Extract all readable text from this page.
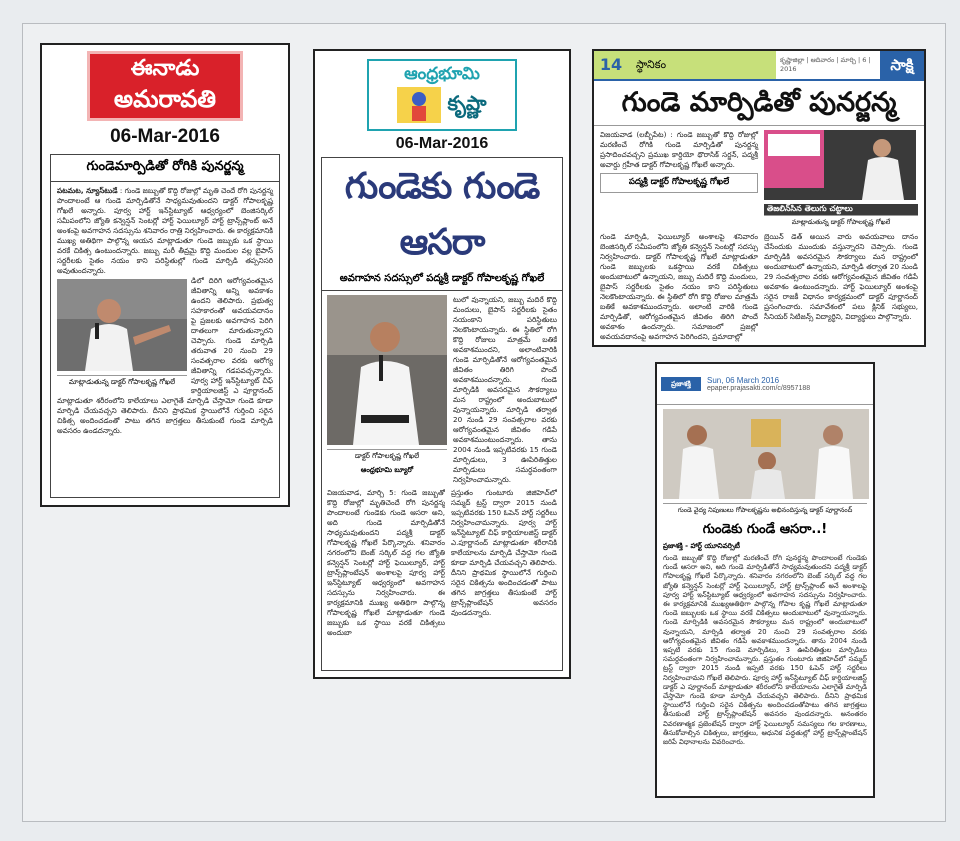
ఈనాడు
అమరావతి
06-Mar-2016
గుండెమార్పిడితో రోగికి పునర్జన్మ
పటమట, న్యూస్‌టుడే : గుండె జబ్బుతో కొద్ది రోజుల్లో మృతి చెందే రోగి పునర్జన్మ పొందాలంటే ఆ గుండె మార్పిడితోనే సాధ్యమవుతుందని డాక్టర్ గోపాలకృష్ణ గోఖలే అన్నారు. పూర్వ హార్ట్ ఇన్‌స్టిట్యూట్ ఆధ్వర్యంలో బెంజిసర్కిల్ సమీపంలోని జ్యోతి కన్వెన్షన్ సెంటర్లో హార్ట్ ఫెయిల్యూర్ హార్ట్ ట్రాన్స్‌ప్లాంట్ అనే అంశంపై అవగాహన సదస్సును శనివారం రాత్రి నిర్వహించారు. ఈ కార్యక్రమానికి ముఖ్య అతిథిగా పాల్గొన్న ఆయన మాట్లాడుతూ గుండె జబ్బుకు ఒక స్థాయి వరకే చికిత్స ఉంటుందన్నారు. జబ్బు మరీ తీవ్రమై కొద్ది మందుల వల్ల బైపాస్ సర్జరీలకు సైతం నయం కాని పరిస్థితుల్లో గుండె మార్పిడి తప్పనిసరి అవుతుందన్నారు.
మాట్లాడుతున్న డాక్టర్ గోపాలకృష్ణ గోఖలే
డిలో దిరిగి ఆరోగ్యవంతమైన జీవితాన్ని అన్ని అవకాశం ఉందని తెలిపారు. ప్రభుత్వ సహకారంతో అవయవదానం పై ప్రజలకు అవగాహన పెరిగి దాతలుగా మారుతున్నారని చెప్పారు. గుండె మార్పిడి తరువాత 20 నుంచి 29 సంవత్సరాల వరకు ఆరోగ్య జీవితాన్ని గడపవచ్చన్నారు. పూర్వ హార్ట్ ఇన్‌స్టిట్యూట్ చీఫ్ కార్డియాలజిస్ట్ ఎ పూర్ణానంద్ మాట్లాడుతూ శరీరంలోని కాలేయాలు ఎలాగైతే మార్పిడి చేస్తామో గుండె కూడా మార్పిడి చేయవచ్చని తెలిపారు. దీనిని ప్రాథమిక స్థాయిలోనే గుర్తించి సరైన చికిత్స అందించడంతో పాటు తగిన జాగ్రత్తలు తీసుకుంటే గుండె మార్పిడి అవసరం ఉండదన్నారు.
ఆంధ్రభూమి
కృష్ణా
06-Mar-2016
గుండెకు గుండె ఆసరా
అవగాహన సదస్సులో పద్మశ్రీ డాక్టర్ గోపాలకృష్ణ గోఖలే
డాక్టర్ గోపాలకృష్ణ గోఖలే
ఆంధ్రభూమి బ్యూరో
టులో వున్నాయని, జబ్బు మదిరే కొద్ది మందులు, బైపాస్ సర్జరీలకు సైతం నయంకాని పరిస్థితులు నెలకొంటాయన్నారు. ఈ స్థితిలో రోగి కొద్ది రోజులు మాత్రమే బతికే అవకాశముందని, అలాంటివారికి గుండె మార్పిడితోనే ఆరోగ్యవంతమైన జీవితం తిరిగి పొందే అవకాశముందన్నారు. గుండె మార్పిడికి అవసరమైన సౌకర్యాలు మన రాష్ట్రంలో అందుబాటులో వున్నాయన్నారు. మార్పిడి తర్వాత 20 నుండి 29 సంవత్సరాల వరకు ఆరోగ్యవంతమైన జీవితం గడిపే అవకాశముంటుందన్నారు. తాను 2004 నుండి ఇప్పటివరకు 15 గుండె మార్పిడులు, 3 ఊపిరితిత్తుల మార్పిడులు సమర్థవంతంగా నిర్వహించామన్నారు.
విజయవాడ, మార్చి 5: గుండె జబ్బుతో కొద్ది రోజుల్లో మృతిచెందే రోగి పునర్జన్మ పొందాలంటే గుండెకు గుండె ఆసరా అని, అది గుండె మార్పిడితోనే సాధ్యమవుతుందని పద్మశ్రీ డాక్టర్ గోపాలకృష్ణ గోఖలే పేర్కొన్నారు. శనివారం నగరంలోని బెంజ్ సర్కిల్ వద్ద గల జ్యోతి కన్వెన్షన్ సెంటర్లో హార్ట్ ఫెయిల్యూర్, హార్ట్ ట్రాన్స్‌ప్లాంటేషన్ అంశాలపై పూర్వ హార్ట్ ఇన్‌స్టిట్యూట్ ఆధ్వర్యంలో అవగాహన సదస్సును నిర్వహించారు. ఈ కార్యక్రమానికి ముఖ్య అతిథిగా పాల్గొన్న గోపాలకృష్ణ గోఖలే మాట్లాడుతూ గుండె జబ్బుకు ఒక స్థాయి వరకే చికిత్సలు అందుబా
ప్రస్తుతం గుంటూరు జిజిహెచ్‌లో సమ్మద్ ట్రస్ట్ ద్వారా 2015 నుండి ఇప్పటివరకు 150 ఓపెన్ హార్ట్ సర్జరీలు నిర్వహించామన్నారు. పూర్వ హార్ట్ ఇన్‌స్టిట్యూట్ చీఫ్ కార్డియాలజిస్ట్ డాక్టర్ ఎ.పూర్ణానంద్ మాట్లాడుతూ శరీరానికి కాలేయాలను మార్పిడి చేస్తామో గుండె కూడా మార్పిడి చేయవచ్చని తెలిపారు. దీనిని ప్రాథమిక స్థాయిలోనే గుర్తించి సరైన చికిత్సను అందించడంతో పాటు తగిన జాగ్రత్తలు తీసుకుంటే హార్ట్ ట్రాన్స్‌ప్లాంటేషన్ అవసరం వుండదన్నారు.
14	స్థానికం	కృష్ణాజిల్లా | ఆదివారం | మార్చి | 6 | 2016	సాక్షి
గుండె మార్పిడితో పునర్జన్మ
విజయవాడ (లబ్బీపేట) : గుండె జబ్బుతో కొద్ది రోజుల్లో మరణించే రోగికి గుండె మార్పిడితో పునర్జన్మ ప్రసాదించవచ్చని ప్రముఖ కార్డియో థొరాసిక్ సర్జన్, పద్మశ్రీ అవార్డు గ్రహీత డాక్టర్ గోపాలకృష్ణ గోఖలే అన్నారు.
పద్మశ్రీ డాక్టర్ గోపాలకృష్ణ గోఖలే
తెజలిన్‌సిన తెలుగు చట్టాలు
మాట్లాడుతున్న డాక్టర్ గోపాలకృష్ణ గోఖలే
గుండె మార్పిడి, ఫెయిల్యూర్ అంశాలపై శనివారం బెంజిసర్కిల్ సమీపంలోని జ్యోతి కన్వెన్షన్ సెంటర్లో సదస్సు నిర్వహించారు. డాక్టర్ గోపాలకృష్ణ గోఖలే మాట్లాడుతూ గుండె జబ్బులకు ఒకస్థాయి వరకే చికిత్సలు అందుబాటులో ఉన్నాయని, జబ్బు మదిరే కొద్ది మందులు, బైపాస్ సర్జరీలకు సైతం నయం కాని పరిస్థితులు నెలకొంటాయన్నారు. ఈ స్థితిలో రోగి కొద్ది రోజుల మాత్రమే బతికే అవకాశముందన్నారు. అలాంటి వారికి గుండె మార్పిడితో, ఆరోగ్యవంతమైన జీవితం తిరిగి పొందే అవకాశం ఉందన్నారు. సమాజంలో ప్రజల్లో అవయవదానంపై అవగాహన పెరిగిందని, ప్రమాదాల్లో
బ్రెయిన్ డెత్ అయిన వారు అవయవాలు దానం చేసేందుకు ముందుకు వస్తున్నారని చెప్పారు. గుండె మార్పిడికి అవసరమైన సౌకర్యాలు మన రాష్ట్రంలో అందుబాటులో ఉన్నాయని, మార్పిడి తర్వాత 20 నుండి 29 సంవత్సరాల వరకు ఆరోగ్యవంతమైన జీవితం గడిపే అవకాశం ఉంటుందన్నారు. హార్ట్ ఫెయిల్యూర్ అంశంపై సరైన రాజకీ విధానం కార్యక్రమంలో డాక్టర్ పూర్ణానంద్ ప్రసంగించారు. సమావేశంలో పలు క్లినిక్ సభ్యులు, సీనియర్ సిటిజన్స్ విద్యార్థిని, విద్యార్థులు పాల్గొన్నారు.
ప్రజాశక్తి	Sun, 06 March 2016
epaper.prajasakti.com/c/8957188
గుండె వైద్య నిపుణులు గోపాలకృష్ణను అభినందిస్తున్న డాక్టర్ పూర్ణానంద్
గుండెకు గుండే ఆసరా..!
ప్రజాశక్తి - హార్ట్ యూనివర్సిటీ
గుండె జబ్బుతో కొద్ది రోజుల్లో మరణించే రోగి పునర్జన్మ పొందాలంటే గుండెకు గుండే ఆసరా అని, అది గుండె మార్పిడితోనే సాధ్యమవుతుందని పద్మశ్రీ డాక్టర్ గోపాలకృష్ణ గోఖలే పేర్కొన్నారు. శనివారం నగరంలోని బెంజ్ సర్కిల్ వద్ద గల జ్యోతి కన్వెన్షన్ సెంటర్లో హార్ట్ ఫెయిల్యూర్, హార్ట్ ట్రాన్స్‌ప్లాంట్ అనే అంశాలపై పూర్వ హార్ట్ ఇన్‌స్టిట్యూట్ ఆధ్వర్యంలో అవగాహన సదస్సును నిర్వహించారు. ఈ కార్యక్రమానికి ముఖ్యఅతిథిగా పాల్గొన్న గోపాల కృష్ణ గోఖలే మాట్లాడుతూ గుండె జబ్బులకు ఒక స్థాయి వరకే చికిత్సలు అందుబాటులో వున్నాయన్నారు. గుండె మార్పిడికి అవసరమైన సౌకర్యాలు మన రాష్ట్రంలో అందుబాటులో వున్నాయని, మార్పిడి తర్వాత 20 నుంచి 29 సంవత్సరాల వరకు ఆరోగ్యవంతమైన జీవితం గడిపే అవకాశముందన్నారు. తాను 2004 నుండి ఇప్పటి వరకు 15 గుండె మార్పిడిలు, 3 ఊపిరితిత్తుల మార్పిడిలు సమర్థవంతంగా నిర్వహించామన్నారు. ప్రస్తుతం గుంటూరు జిజిహెచ్‌లో సమ్మద్ ట్రస్ట్ ద్వారా 2015 నుండి ఇప్పటి వరకు 150 ఓపెన్ హార్ట్ సర్జరీలు నిర్వహించామని గోఖలే తెలిపారు. పూర్వ హార్ట్ ఇన్‌స్టిట్యూట్ చీఫ్ కార్డియాలజిస్ట్ డాక్టర్ ఎ పూర్ణానంద్ మాట్లాడుతూ శరీరంలోని కాలేయాలను ఎలాగైతే మార్పిడి చేస్తామో గుండె కూడా మార్పిడి చేయవచ్చని తెలిపారు. దీనిని ప్రాథమిక స్థాయిలోనే గుర్తించి సరైన చికిత్సను అందించడంతోపాటు తగిన జాగ్రత్తలు తీసుకుంటే హార్ట్ ట్రాన్స్‌ప్లాంటేషన్ అవసరం వుండదన్నారు. అనంతరం వివరణాత్మక ప్రజెంటేషన్ ద్వారా హార్ట్ ఫెయిల్యూర్ సమస్యలు గల కారణాలు, తీసుకోవాల్సిన చికిత్సలు, జాగ్రత్తలు, ఆధునిక పద్ధతుల్లో హార్ట్ ట్రాన్స్‌ప్లాంటేషన్ జరిపే విధానాలను వివరించారు.
